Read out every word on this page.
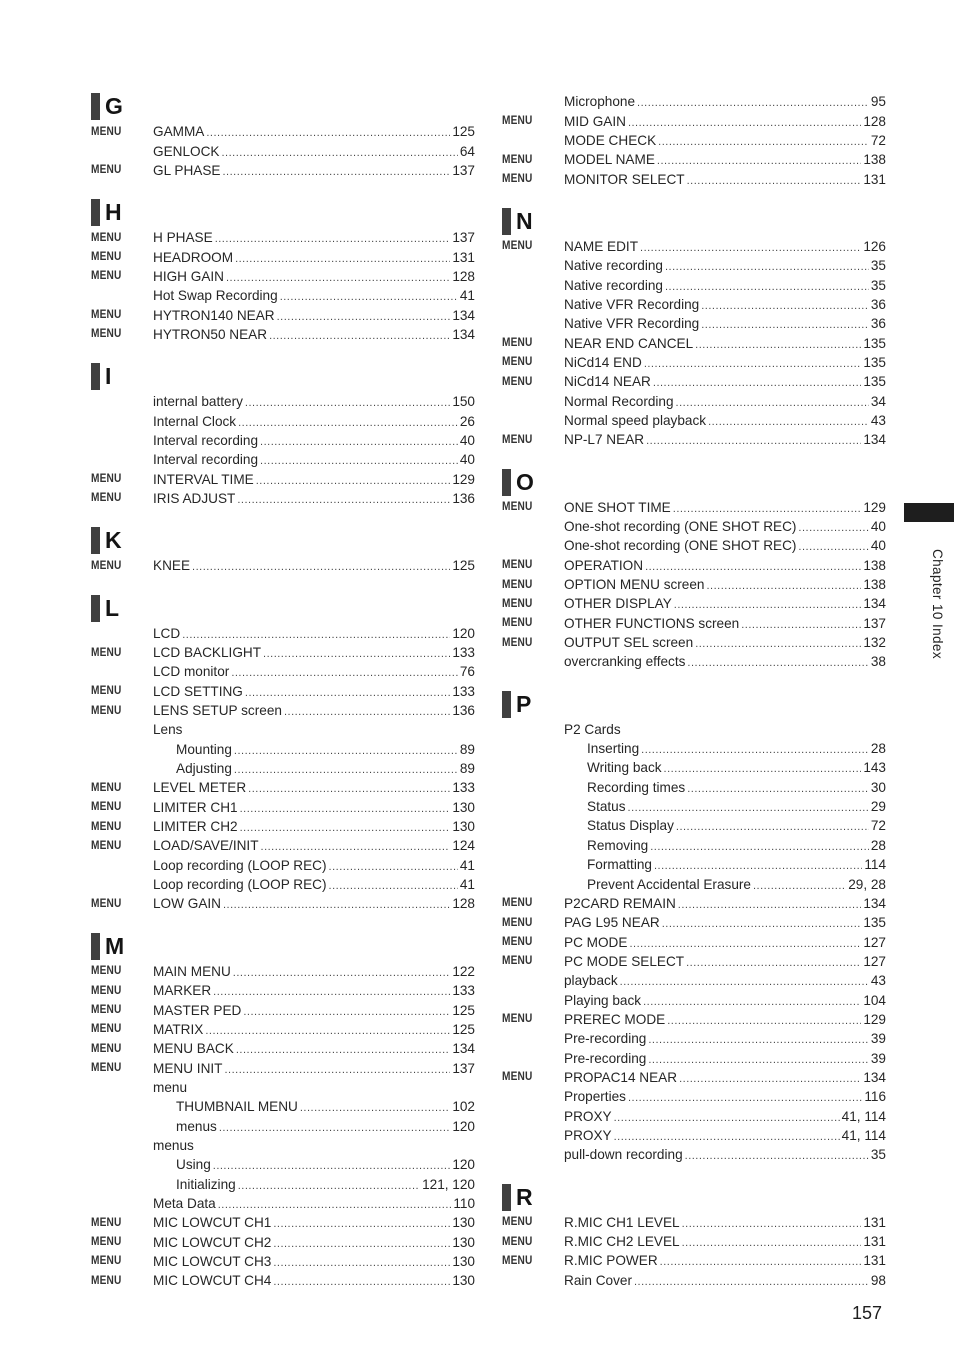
G
MENU	GAMMA .....	125
GENLOCK .....	64
MENU	GL PHASE .....	137
H
MENU	H PHASE .....	137
MENU	HEADROOM .....	131
MENU	HIGH GAIN .....	128
Hot Swap Recording .....	41
MENU	HYTRON140 NEAR .....	134
MENU	HYTRON50 NEAR .....	134
I
internal battery .....	150
Internal Clock .....	26
Interval recording .....	40
Interval recording .....	40
MENU	INTERVAL TIME .....	129
MENU	IRIS ADJUST .....	136
K
MENU	KNEE .....	125
L
LCD .....	120
MENU	LCD BACKLIGHT .....	133
LCD monitor .....	76
MENU	LCD SETTING .....	133
MENU	LENS SETUP screen .....	136
Lens
Mounting .....	89
Adjusting .....	89
MENU	LEVEL METER .....	133
MENU	LIMITER CH1 .....	130
MENU	LIMITER CH2 .....	130
MENU	LOAD/SAVE/INIT .....	124
Loop recording (LOOP REC) .....	41
Loop recording (LOOP REC) .....	41
MENU	LOW GAIN .....	128
M
MENU	MAIN MENU .....	122
MENU	MARKER .....	133
MENU	MASTER PED .....	125
MENU	MATRIX .....	125
MENU	MENU BACK .....	134
MENU	MENU INIT .....	137
menu
THUMBNAIL MENU .....	102
menus .....	120
menus
Using .....	120
Initializing .....	121, 120
Meta Data .....	110
MENU	MIC LOWCUT CH1 .....	130
MENU	MIC LOWCUT CH2 .....	130
MENU	MIC LOWCUT CH3 .....	130
MENU	MIC LOWCUT CH4 .....	130
Microphone .....	95
MENU	MID GAIN .....	128
MODE CHECK .....	72
MENU	MODEL NAME .....	138
MENU	MONITOR SELECT .....	131
N
MENU	NAME EDIT .....	126
Native recording .....	35
Native recording .....	35
Native VFR Recording .....	36
Native VFR Recording .....	36
MENU	NEAR END CANCEL .....	135
MENU	NiCd14 END .....	135
MENU	NiCd14 NEAR .....	135
Normal Recording .....	34
Normal speed playback .....	43
MENU	NP-L7 NEAR .....	134
O
MENU	ONE SHOT TIME .....	129
One-shot recording (ONE SHOT REC) .....	40
One-shot recording (ONE SHOT REC) .....	40
MENU	OPERATION .....	138
MENU	OPTION MENU screen .....	138
MENU	OTHER DISPLAY .....	134
MENU	OTHER FUNCTIONS screen .....	137
MENU	OUTPUT SEL screen .....	132
overcranking effects .....	38
P
P2 Cards
Inserting .....	28
Writing back .....	143
Recording times .....	30
Status .....	29
Status Display .....	72
Removing .....	28
Formatting .....	114
Prevent Accidental Erasure .....	29, 28
MENU	P2CARD REMAIN .....	134
MENU	PAG L95 NEAR .....	135
MENU	PC MODE .....	127
MENU	PC MODE SELECT .....	127
playback .....	43
Playing back .....	104
MENU	PREREC MODE .....	129
Pre-recording .....	39
Pre-recording .....	39
MENU	PROPAC14 NEAR .....	134
Properties .....	116
PROXY .....	41, 114
PROXY .....	41, 114
pull-down recording .....	35
R
MENU	R.MIC CH1 LEVEL .....	131
MENU	R.MIC CH2 LEVEL .....	131
MENU	R.MIC POWER .....	131
Rain Cover .....	98
Chapter 10 Index
157
